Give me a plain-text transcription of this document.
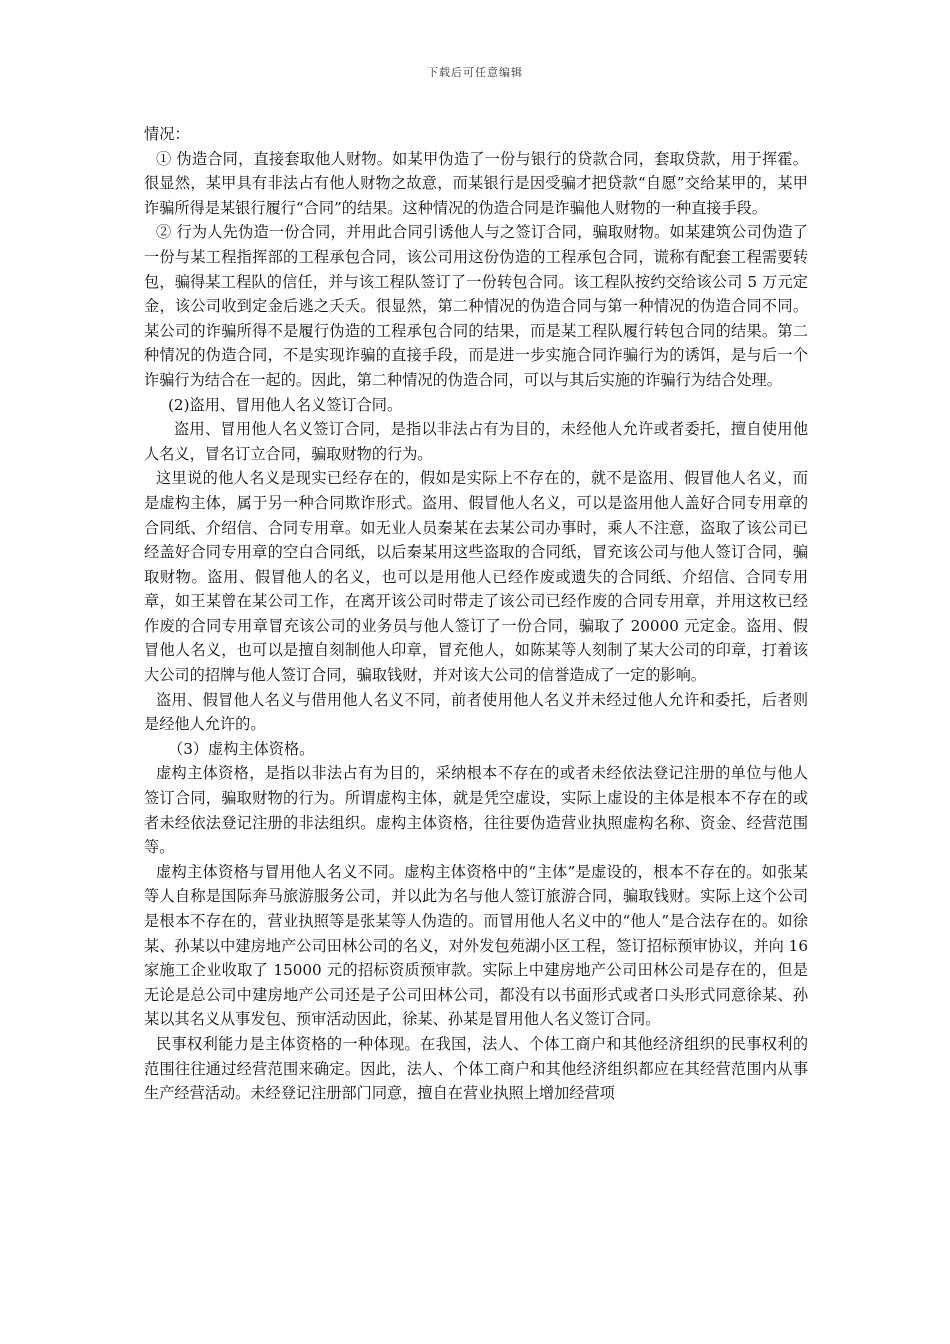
下载后可任意编辑

情况：

① 伪造合同，直接套取他人财物。如某甲伪造了一份与银行的贷款合同，套取贷款，用于挥霍。很显然，某甲具有非法占有他人财物之故意，而某银行是因受骗才把贷款“自愿”交给某甲的，某甲诈骗所得是某银行履行“合同”的结果。这种情况的伪造合同是诈骗他人财物的一种直接手段。

② 行为人先伪造一份合同，并用此合同引诱他人与之签订合同，骗取财物。如某建筑公司伪造了一份与某工程指挥部的工程承包合同，该公司用这份伪造的工程承包合同，谎称有配套工程需要转包，骗得某工程队的信任，并与该工程队签订了一份转包合同。该工程队按约交给该公司 5 万元定金，该公司收到定金后逃之夭夭。很显然，第二种情况的伪造合同与第一种情况的伪造合同不同。某公司的诈骗所得不是履行伪造的工程承包合同的结果，而是某工程队履行转包合同的结果。第二种情况的伪造合同，不是实现诈骗的直接手段，而是进一步实施合同诈骗行为的诱饵，是与后一个诈骗行为结合在一起的。因此，第二种情况的伪造合同，可以与其后实施的诈骗行为结合处理。

(2)盗用、冒用他人名义签订合同。

盗用、冒用他人名义签订合同，是指以非法占有为目的，未经他人允许或者委托，擅自使用他人名义，冒名订立合同，骗取财物的行为。

这里说的他人名义是现实已经存在的，假如是实际上不存在的，就不是盗用、假冒他人名义，而是虚构主体，属于另一种合同欺诈形式。盗用、假冒他人名义，可以是盗用他人盖好合同专用章的合同纸、介绍信、合同专用章。如无业人员秦某在去某公司办事时，乘人不注意，盗取了该公司已经盖好合同专用章的空白合同纸，以后秦某用这些盗取的合同纸，冒充该公司与他人签订合同，骗取财物。盗用、假冒他人的名义，也可以是用他人已经作废或遗失的合同纸、介绍信、合同专用章，如王某曾在某公司工作，在离开该公司时带走了该公司已经作废的合同专用章，并用这枚已经作废的合同专用章冒充该公司的业务员与他人签订了一份合同，骗取了 20000 元定金。盗用、假冒他人名义，也可以是擅自刻制他人印章，冒充他人，如陈某等人刻制了某大公司的印章，打着该大公司的招牌与他人签订合同，骗取钱财，并对该大公司的信誉造成了一定的影响。

盗用、假冒他人名义与借用他人名义不同，前者使用他人名义并未经过他人允许和委托，后者则是经他人允许的。

（3）虚构主体资格。

虚构主体资格，是指以非法占有为目的，采纳根本不存在的或者未经依法登记注册的单位与他人签订合同，骗取财物的行为。所谓虚构主体，就是凭空虚设，实际上虚设的主体是根本不存在的或者未经依法登记注册的非法组织。虚构主体资格，往往要伪造营业执照虚构名称、资金、经营范围等。

虚构主体资格与冒用他人名义不同。虚构主体资格中的“主体”是虚设的，根本不存在的。如张某等人自称是国际奔马旅游服务公司，并以此为名与他人签订旅游合同，骗取钱财。实际上这个公司是根本不存在的，营业执照等是张某等人伪造的。而冒用他人名义中的“他人”是合法存在的。如徐某、孙某以中建房地产公司田林公司的名义，对外发包苑湖小区工程，签订招标预审协议，并向 16 家施工企业收取了 15000 元的招标资质预审款。实际上中建房地产公司田林公司是存在的，但是无论是总公司中建房地产公司还是子公司田林公司，都没有以书面形式或者口头形式同意徐某、孙某以其名义从事发包、预审活动因此，徐某、孙某是冒用他人名义签订合同。

民事权利能力是主体资格的一种体现。在我国，法人、个体工商户和其他经济组织的民事权利的范围往往通过经营范围来确定。因此，法人、个体工商户和其他经济组织都应在其经营范围内从事生产经营活动。未经登记注册部门同意，擅自在营业执照上增加经营项
